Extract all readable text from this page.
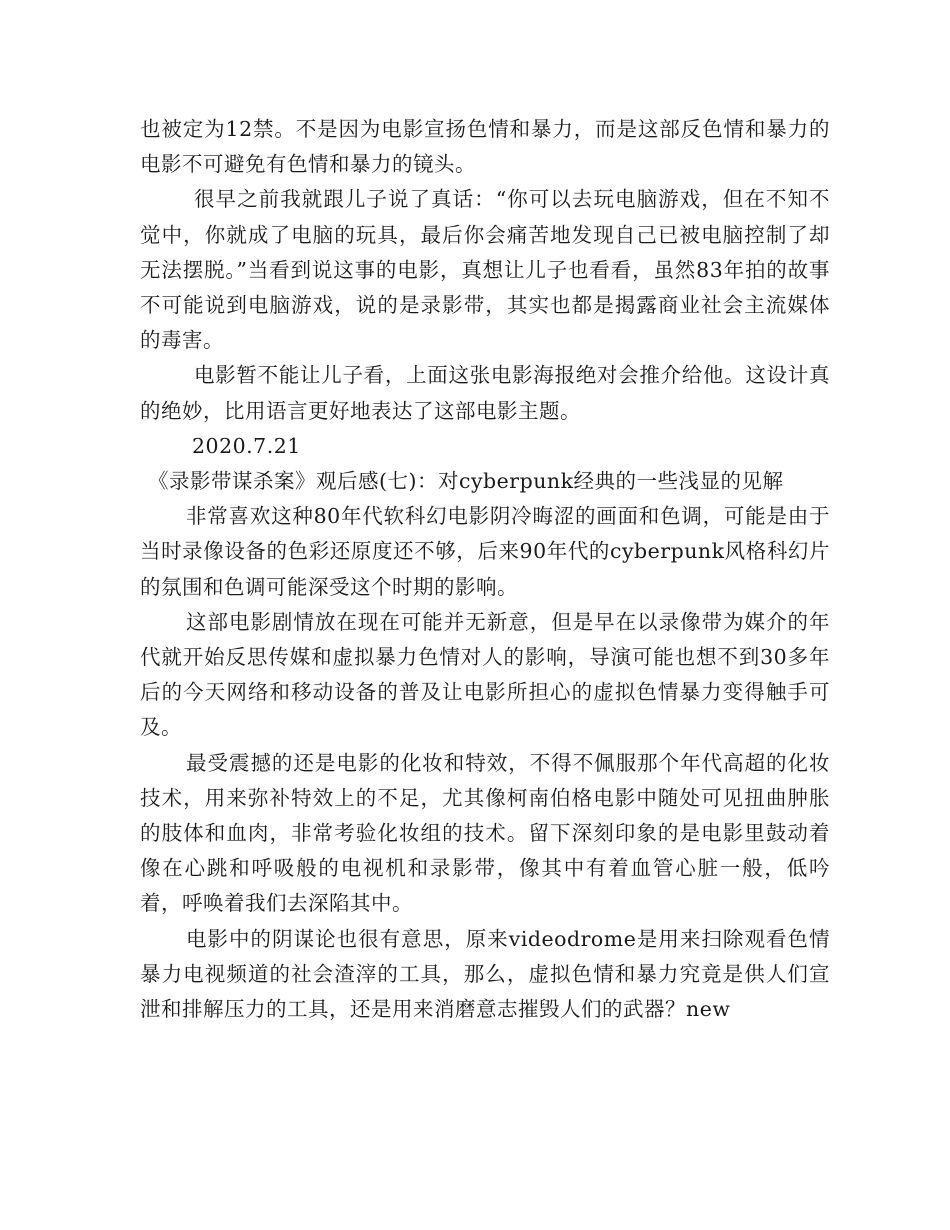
也被定为12禁。不是因为电影宣扬色情和暴力，而是这部反色情和暴力的电影不可避免有色情和暴力的镜头。

很早之前我就跟儿子说了真话：“你可以去玩电脑游戏，但在不知不觉中，你就成了电脑的玩具，最后你会痛苦地发现自己已被电脑控制了却无法摆脱。”当看到说这事的电影，真想让儿子也看看，虽然83年拍的故事不可能说到电脑游戏，说的是录影带，其实也都是揭露商业社会主流媒体的毒害。

电影暂不能让儿子看，上面这张电影海报绝对会推介给他。这设计真的绝妙，比用语言更好地表达了这部电影主题。

2020.7.21

《录影带谋杀案》观后感(七)：对cyberpunk经典的一些浅显的见解

非常喜欢这种80年代软科幻电影阴冷晦涩的画面和色调，可能是由于当时录像设备的色彩还原度还不够，后来90年代的cyberpunk风格科幻片的氛围和色调可能深受这个时期的影响。

这部电影剧情放在现在可能并无新意，但是早在以录像带为媒介的年代就开始反思传媒和虚拟暴力色情对人的影响，导演可能也想不到30多年后的今天网络和移动设备的普及让电影所担心的虚拟色情暴力变得触手可及。

最受震撼的还是电影的化妆和特效，不得不佩服那个年代高超的化妆技术，用来弥补特效上的不足，尤其像柯南伯格电影中随处可见扭曲肿胀的肢体和血肉，非常考验化妆组的技术。留下深刻印象的是电影里鼓动着像在心跳和呼吸般的电视机和录影带，像其中有着血管心脏一般，低吟着，呼唤着我们去深陷其中。

电影中的阴谋论也很有意思，原来videodrome是用来扫除观看色情暴力电视频道的社会渣滓的工具，那么，虚拟色情和暴力究竟是供人们宣泄和排解压力的工具，还是用来消磨意志摧毁人们的武器？new
